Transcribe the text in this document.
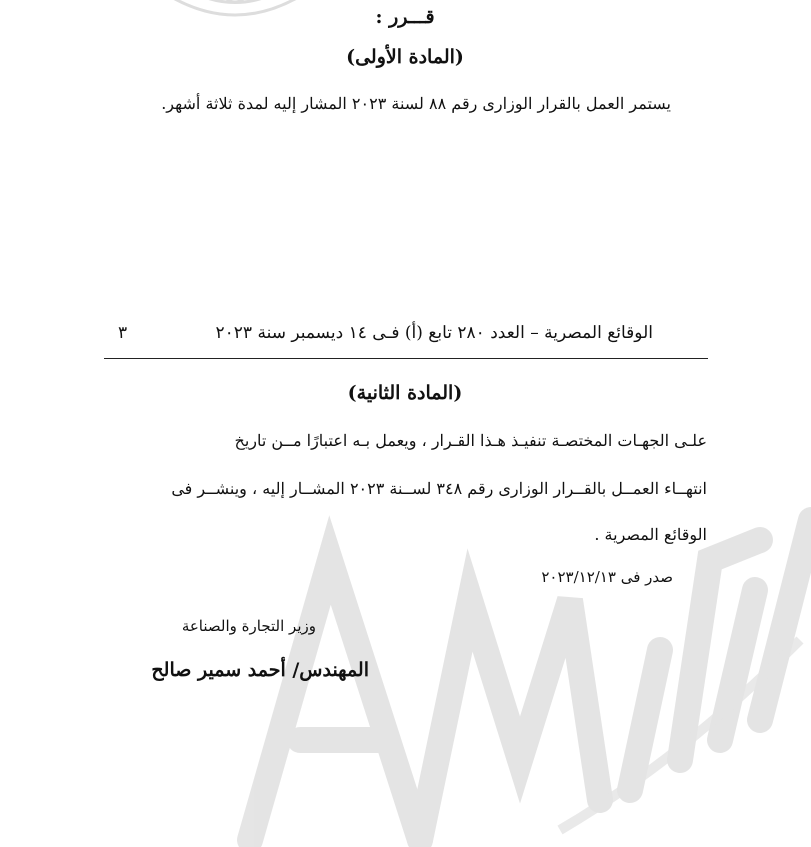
قـــرر :
(المادة الأولى)
يستمر العمل بالقرار الوزارى رقم ٨٨ لسنة ٢٠٢٣ المشار إليه لمدة ثلاثة أشهر.
الوقائع المصرية – العدد ٢٨٠ تابع (أ) فـى ١٤ ديسمبر سنة ٢٠٢٣
٣
(المادة الثانية)
علـى الجهـات المختصـة تنفيـذ هـذا القـرار ، ويعمل بـه اعتبارًا مــن تاريخ
انتهــاء العمــل بالقــرار الوزارى رقم ٣٤٨ لســنة ٢٠٢٣ المشــار إليه ، وينشــر فى
الوقائع المصرية .
صدر فى ٢٠٢٣/١٢/١٣
وزير التجارة والصناعة
المهندس/ أحمد سمير صالح
